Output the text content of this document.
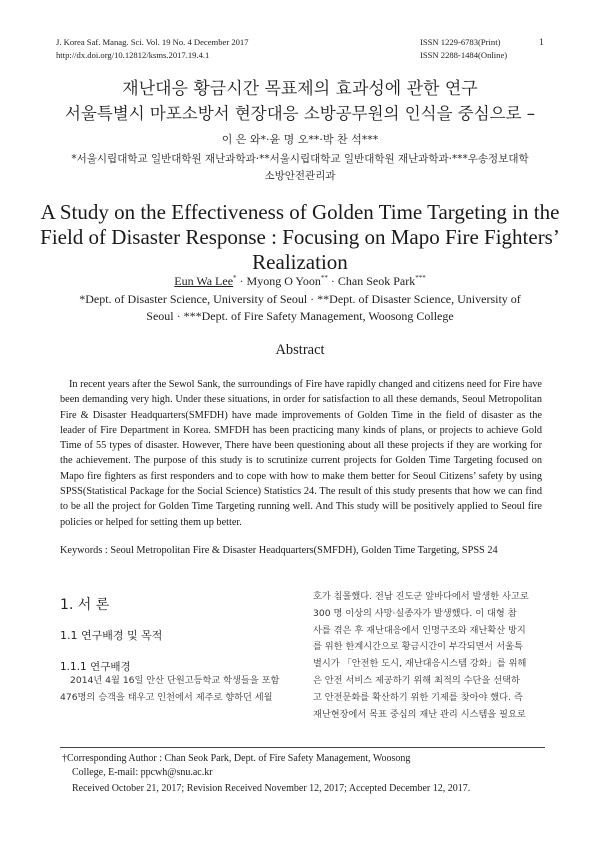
J. Korea Saf. Manag. Sci. Vol. 19 No. 4 December 2017
http://dx.doi.org/10.12812/ksms.2017.19.4.1
ISSN 1229-6783(Print)
ISSN 2288-1484(Online)
1
재난대응 황금시간 목표제의 효과성에 관한 연구
서울특별시 마포소방서 현장대응 소방공무원의 인식을 중심으로 –
이 은 와*·윤 명 오**·박 찬 석***
*서울시립대학교 일반대학원 재난과학과·**서울시립대학교 일반대학원 재난과학과·***우송정보대학
소방안전관리과
A Study on the Effectiveness of Golden Time Targeting in the
Field of Disaster Response : Focusing on Mapo Fire Fighters’
Realization
Eun Wa Lee* · Myong O Yoon** · Chan Seok Park***
*Dept. of Disaster Science, University of Seoul · **Dept. of Disaster Science, University of
Seoul · ***Dept. of Fire Safety Management, Woosong College
Abstract
In recent years after the Sewol Sank, the surroundings of Fire have rapidly changed and citizens need for Fire have been demanding very high. Under these situations, in order for satisfaction to all these demands, Seoul Metropolitan Fire & Disaster Headquarters(SMFDH) have made improvements of Golden Time in the field of disaster as the leader of Fire Department in Korea. SMFDH has been practicing many kinds of plans, or projects to achieve Gold Time of 55 types of disaster. However, There have been questioning about all these projects if they are working for the achievement. The purpose of this study is to scrutinize current projects for Golden Time Targeting focused on Mapo fire fighters as first responders and to cope with how to make them better for Seoul Citizens’ safety by using SPSS(Statistical Package for the Social Science) Statistics 24. The result of this study presents that how we can find to be all the project for Golden Time Targeting running well. And This study will be positively applied to Seoul fire policies or helped for setting them up better.
Keywords : Seoul Metropolitan Fire & Disaster Headquarters(SMFDH), Golden Time Targeting, SPSS 24
1. 서 론
1.1 연구배경 및 목적
1.1.1 연구배경
2014년 4월 16일 안산 단원고등학교 학생들을 포함
476명의 승객을 태우고 인천에서 제주로 향하던 세월
호가 침몰했다. 전남 진도군 앞바다에서 발생한 사고로
300 명 이상의 사망·실종자가 발생했다. 이 대형 참
사를 겪은 후 재난대응에서 인명구조와 재난확산 방지
를 위한 한계시간으로 황금시간이 부각되면서 서울특
별시가 「안전한 도시, 재난대응시스템 강화」를 위해
은 안전 서비스 제공하기 위해 최적의 수단을 선택하
고 안전문화를 확산하기 위한 기제를 찾아야 했다. 즉
재난현장에서 목표 중심의 재난 관리 시스템을 필요로

†Corresponding Author : Chan Seok Park, Dept. of Fire Safety Management, Woosong

College, E-mail: ppcwh@snu.ac.kr

Received October 21, 2017; Revision Received November 12, 2017; Accepted December 12, 2017.
